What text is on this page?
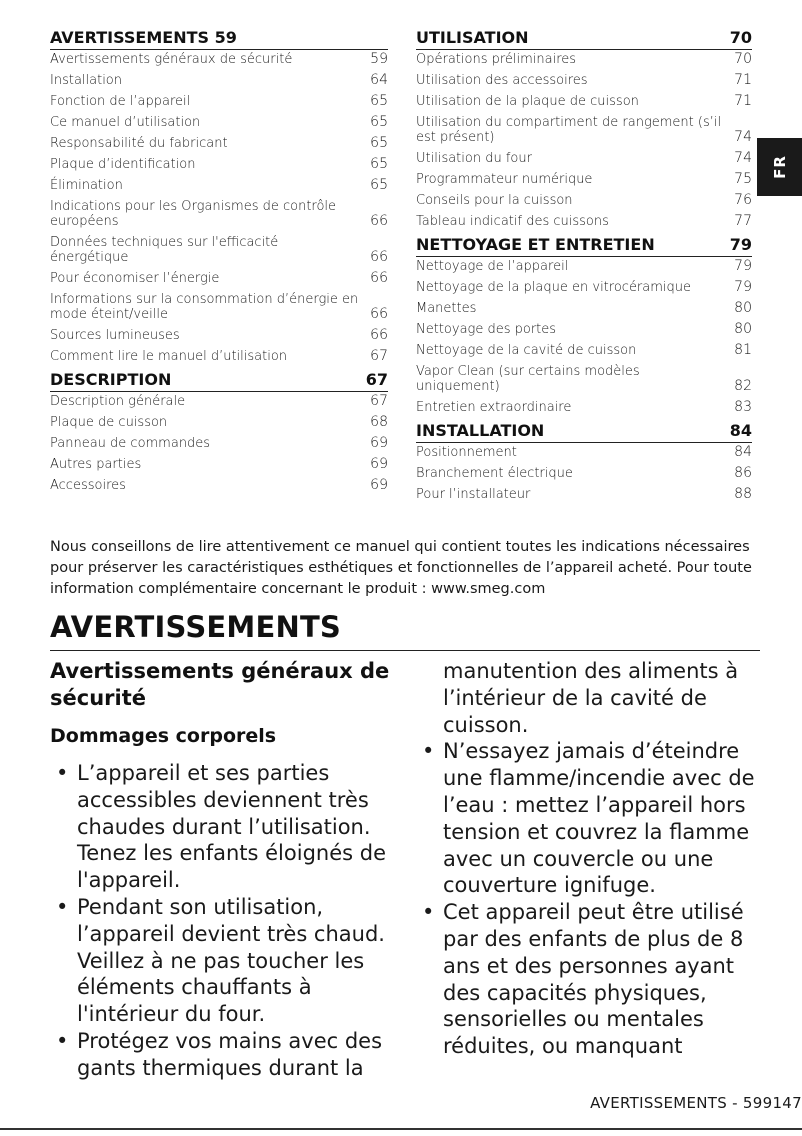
AVERTISSEMENTS 59
Avertissements généraux de sécurité	59
Installation	64
Fonction de l’appareil	65
Ce manuel d’utilisation	65
Responsabilité du fabricant	65
Plaque d’identification	65
Élimination	65
Indications pour les Organismes de contrôle européens	66
Données techniques sur l'efficacité énergétique	66
Pour économiser l’énergie	66
Informations sur la consommation d’énergie en mode éteint/veille	66
Sources lumineuses	66
Comment lire le manuel d’utilisation	67
DESCRIPTION	67
Description générale	67
Plaque de cuisson	68
Panneau de commandes	69
Autres parties	69
Accessoires	69
UTILISATION	70
Opérations préliminaires	70
Utilisation des accessoires	71
Utilisation de la plaque de cuisson	71
Utilisation du compartiment de rangement (s’il est présent)	74
Utilisation du four	74
Programmateur numérique	75
Conseils pour la cuisson	76
Tableau indicatif des cuissons	77
NETTOYAGE ET ENTRETIEN	79
Nettoyage de l’appareil	79
Nettoyage de la plaque en vitrocéramique	79
Manettes	80
Nettoyage des portes	80
Nettoyage de la cavité de cuisson	81
Vapor Clean (sur certains modèles uniquement)	82
Entretien extraordinaire	83
INSTALLATION	84
Positionnement	84
Branchement électrique	86
Pour l’installateur	88

Nous conseillons de lire attentivement ce manuel qui contient toutes les indications nécessaires pour préserver les caractéristiques esthétiques et fonctionnelles de l’appareil acheté. Pour toute information complémentaire concernant le produit : www.smeg.com

AVERTISSEMENTS
Avertissements généraux de sécurité
Dommages corporels
• L’appareil et ses parties accessibles deviennent très chaudes durant l’utilisation. Tenez les enfants éloignés de l'appareil.
• Pendant son utilisation, l’appareil devient très chaud. Veillez à ne pas toucher les éléments chauffants à l'intérieur du four.
• Protégez vos mains avec des gants thermiques durant la
manutention des aliments à l’intérieur de la cavité de cuisson.
• N’essayez jamais d’éteindre une flamme/incendie avec de l’eau : mettez l’appareil hors tension et couvrez la flamme avec un couvercle ou une couverture ignifuge.
• Cet appareil peut être utilisé par des enfants de plus de 8 ans et des personnes ayant des capacités physiques, sensorielles ou mentales réduites, ou manquant
FR
AVERTISSEMENTS - 599147
